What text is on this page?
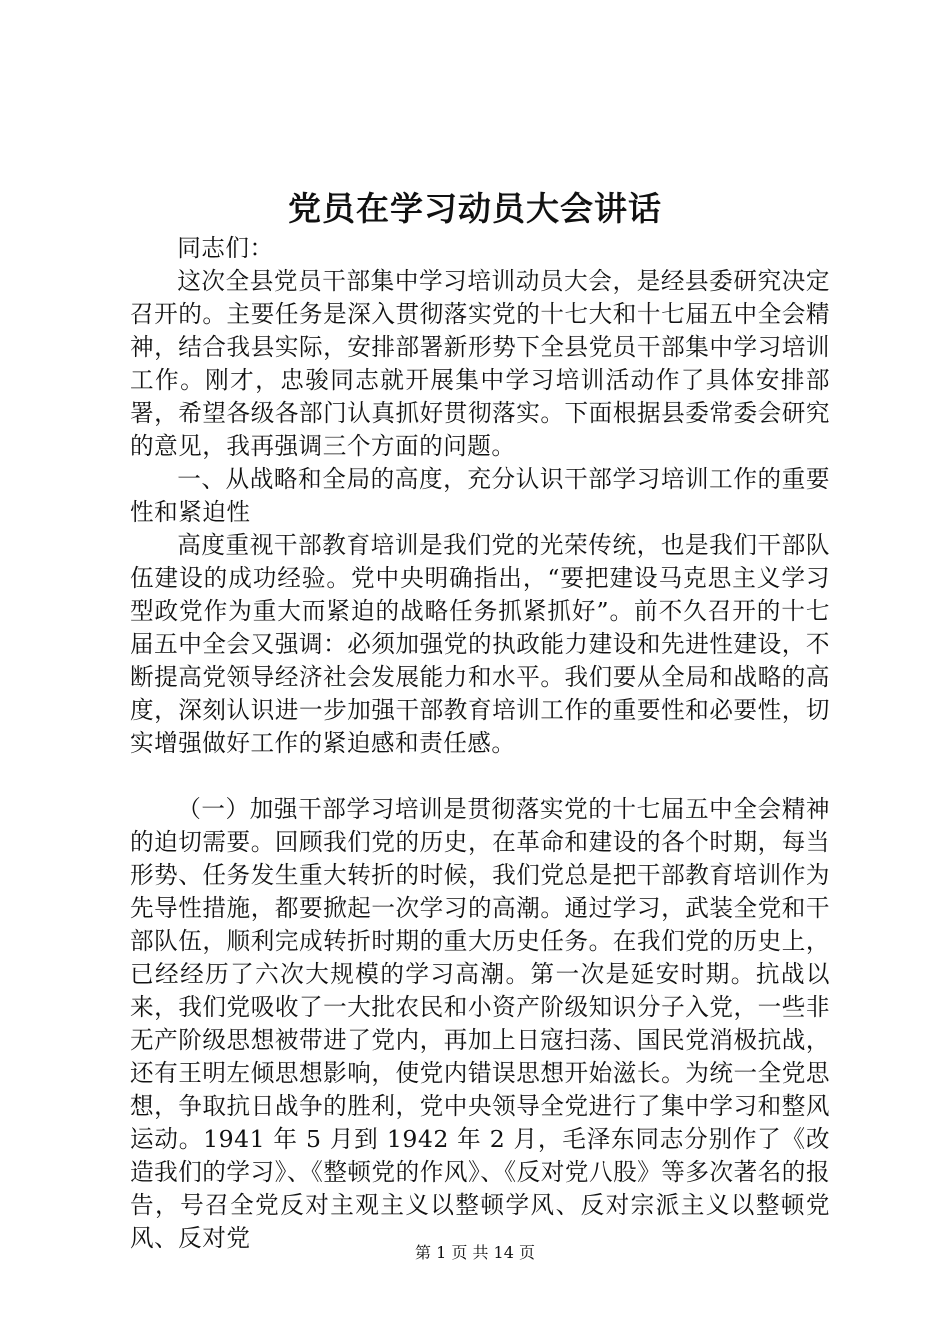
党员在学习动员大会讲话

同志们：

这次全县党员干部集中学习培训动员大会，是经县委研究决定召开的。主要任务是深入贯彻落实党的十七大和十七届五中全会精神，结合我县实际，安排部署新形势下全县党员干部集中学习培训工作。刚才，忠骏同志就开展集中学习培训活动作了具体安排部署，希望各级各部门认真抓好贯彻落实。下面根据县委常委会研究的意见，我再强调三个方面的问题。

一、从战略和全局的高度，充分认识干部学习培训工作的重要性和紧迫性

高度重视干部教育培训是我们党的光荣传统，也是我们干部队伍建设的成功经验。党中央明确指出，“要把建设马克思主义学习型政党作为重大而紧迫的战略任务抓紧抓好”。前不久召开的十七届五中全会又强调：必须加强党的执政能力建设和先进性建设，不断提高党领导经济社会发展能力和水平。我们要从全局和战略的高度，深刻认识进一步加强干部教育培训工作的重要性和必要性，切实增强做好工作的紧迫感和责任感。

（一）加强干部学习培训是贯彻落实党的十七届五中全会精神的迫切需要。回顾我们党的历史，在革命和建设的各个时期，每当形势、任务发生重大转折的时候，我们党总是把干部教育培训作为先导性措施，都要掀起一次学习的高潮。通过学习，武装全党和干部队伍，顺利完成转折时期的重大历史任务。在我们党的历史上，已经经历了六次大规模的学习高潮。第一次是延安时期。抗战以来，我们党吸收了一大批农民和小资产阶级知识分子入党，一些非无产阶级思想被带进了党内，再加上日寇扫荡、国民党消极抗战，还有王明左倾思想影响，使党内错误思想开始滋长。为统一全党思想，争取抗日战争的胜利，党中央领导全党进行了集中学习和整风运动。1941 年 5 月到 1942 年 2 月，毛泽东同志分别作了《改造我们的学习》、《整顿党的作风》、《反对党八股》等多次著名的报告，号召全党反对主观主义以整顿学风、反对宗派主义以整顿党风、反对党

第 1 页 共 14 页
